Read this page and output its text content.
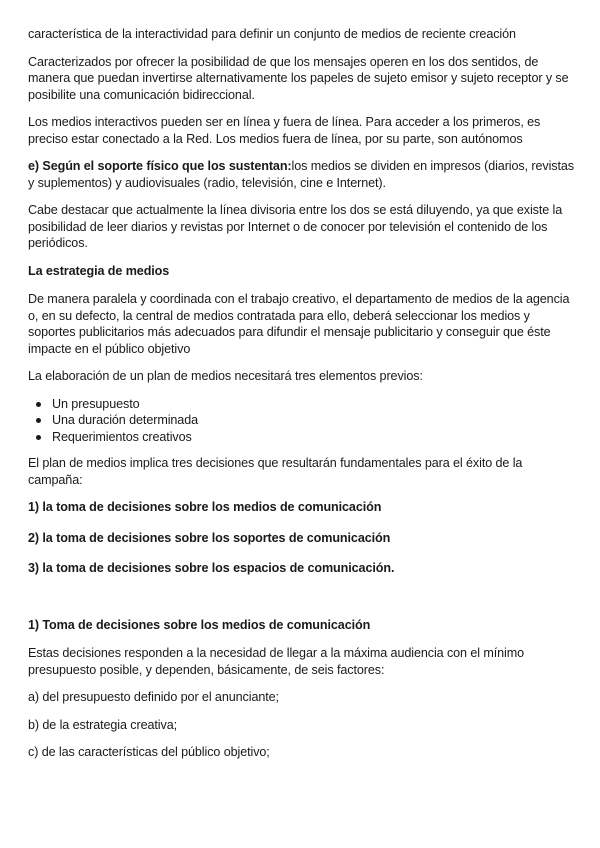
característica de la interactividad para definir un conjunto de medios de reciente creación

Caracterizados por ofrecer la posibilidad de que los mensajes operen en los dos sentidos, de manera que puedan invertirse alternativamente los papeles de sujeto emisor y sujeto receptor y se posibilite una comunicación bidireccional.

Los medios interactivos pueden ser en línea y fuera de línea. Para acceder a los primeros, es preciso estar conectado a la Red. Los medios fuera de línea, por su parte, son autónomos

e) Según el soporte físico que los sustentan:los medios se dividen en impresos (diarios, revistas y suplementos) y audiovisuales (radio, televisión, cine e Internet).

Cabe destacar que actualmente la línea divisoria entre los dos se está diluyendo, ya que existe la posibilidad de leer diarios y revistas por Internet o de conocer por televisión el contenido de los periódicos.

La estrategia de medios

De manera paralela y coordinada con el trabajo creativo, el departamento de medios de la agencia o, en su defecto, la central de medios contratada para ello, deberá seleccionar los medios y soportes publicitarios más adecuados para difundir el mensaje publicitario y conseguir que éste impacte en el público objetivo

La elaboración de un plan de medios necesitará tres elementos previos:

Un presupuesto
Una duración determinada
Requerimientos creativos

El plan de medios implica tres decisiones que resultarán fundamentales para el éxito de la campaña:

1) la toma de decisiones sobre los medios de comunicación

2) la toma de decisiones sobre los soportes de comunicación

3) la toma de decisiones sobre los espacios de comunicación.

1) Toma de decisiones sobre los medios de comunicación

Estas decisiones responden a la necesidad de llegar a la máxima audiencia con el mínimo presupuesto posible, y dependen, básicamente, de seis factores:

a) del presupuesto definido por el anunciante;

b) de la estrategia creativa;

c) de las características del público objetivo;
